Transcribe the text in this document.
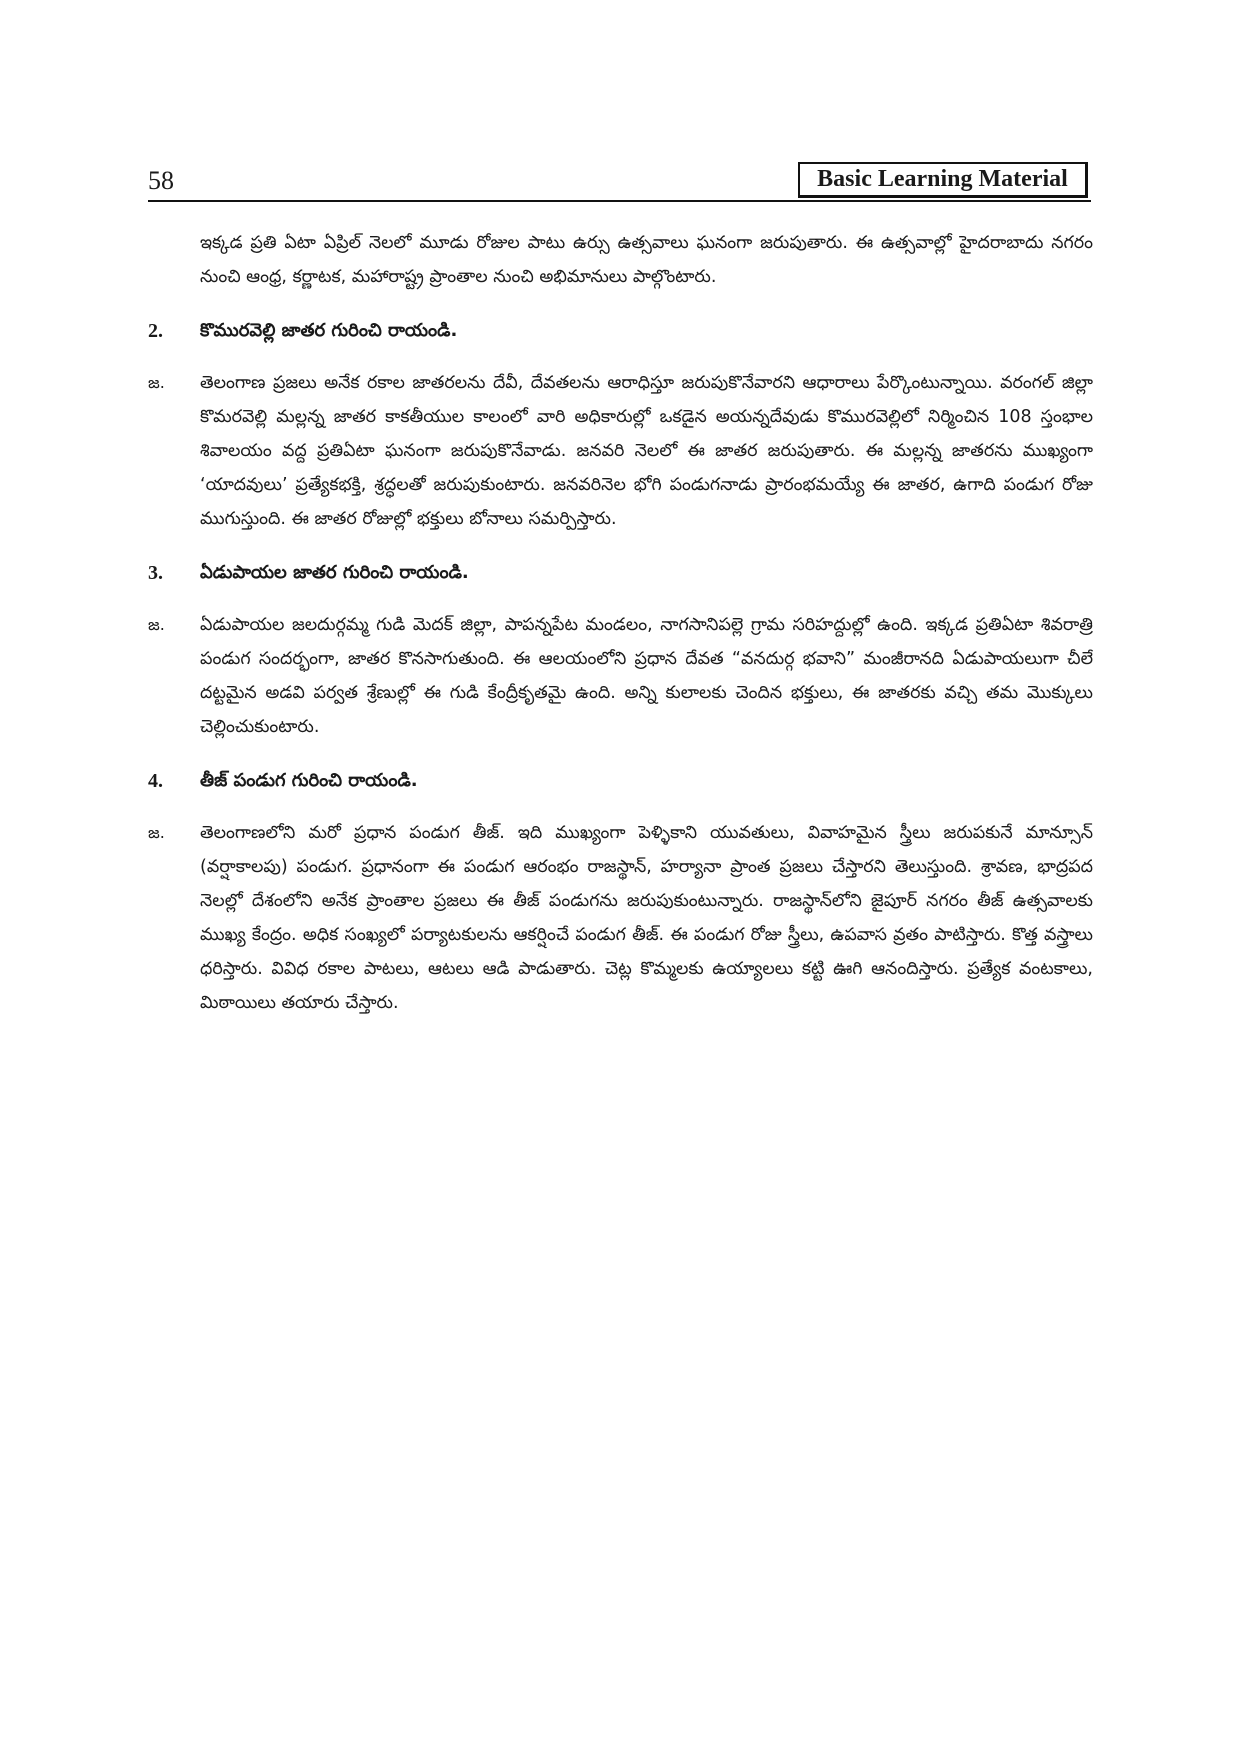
58	Basic Learning Material
ఇక్కడ ప్రతి ఏటా ఏప్రిల్ నెలలో మూడు రోజుల పాటు ఉర్సు ఉత్సవాలు ఘనంగా జరుపుతారు. ఈ ఉత్సవాల్లో హైదరాబాదు నగరం నుంచి ఆంధ్ర, కర్ణాటక, మహారాష్ట్ర ప్రాంతాల నుంచి అభిమానులు పాల్గొంటారు.
2.	కొమురవెల్లి జాతర గురించి రాయండి.
జ.	తెలంగాణ ప్రజలు అనేక రకాల జాతరలను దేవీ, దేవతలను ఆరాధిస్తూ జరుపుకొనేవారని ఆధారాలు పేర్కొంటున్నాయి. వరంగల్ జిల్లా కొమరవెల్లి మల్లన్న జాతర కాకతీయుల కాలంలో వారి అధికారుల్లో ఒకడైన అయన్నదేవుడు కొమురవెల్లిలో నిర్మించిన 108 స్తంభాల శివాలయం వద్ద ప్రతిఏటా ఘనంగా జరుపుకొనేవాడు. జనవరి నెలలో ఈ జాతర జరుపుతారు. ఈ మల్లన్న జాతరను ముఖ్యంగా ‘యాదవులు’ ప్రత్యేకభక్తి, శ్రద్ధలతో జరుపుకుంటారు. జనవరినెల భోగి పండుగనాడు ప్రారంభమయ్యే ఈ జాతర, ఉగాది పండుగ రోజు ముగుస్తుంది. ఈ జాతర రోజుల్లో భక్తులు బోనాలు సమర్పిస్తారు.
3.	ఏడుపాయల జాతర గురించి రాయండి.
జ.	ఏడుపాయల జలదుర్గమ్మ గుడి మెదక్ జిల్లా, పాపన్నపేట మండలం, నాగసానిపల్లె గ్రామ సరిహద్దుల్లో ఉంది. ఇక్కడ ప్రతిఏటా శివరాత్రి పండుగ సందర్భంగా, జాతర కొనసాగుతుంది. ఈ ఆలయంలోని ప్రధాన దేవత “వనదుర్గ భవాని” మంజీరానది ఏడుపాయలుగా చీలే దట్టమైన అడవి పర్వత శ్రేణుల్లో ఈ గుడి కేంద్రీకృతమై ఉంది. అన్ని కులాలకు చెందిన భక్తులు, ఈ జాతరకు వచ్చి తమ మొక్కులు చెల్లించుకుంటారు.
4.	తీజ్ పండుగ గురించి రాయండి.
జ.	తెలంగాణలోని మరో ప్రధాన పండుగ తీజ్. ఇది ముఖ్యంగా పెళ్ళికాని యువతులు, వివాహమైన స్త్రీలు జరుపకునే మాన్సూన్ (వర్షాకాలపు) పండుగ. ప్రధానంగా ఈ పండుగ ఆరంభం రాజస్థాన్, హర్యానా ప్రాంత ప్రజలు చేస్తారని తెలుస్తుంది. శ్రావణ, భాద్రపద నెలల్లో దేశంలోని అనేక ప్రాంతాల ప్రజలు ఈ తీజ్ పండుగను జరుపుకుంటున్నారు. రాజస్థాన్‌లోని జైపూర్ నగరం తీజ్ ఉత్సవాలకు ముఖ్య కేంద్రం. అధిక సంఖ్యలో పర్యాటకులను ఆకర్షించే పండుగ తీజ్. ఈ పండుగ రోజు స్త్రీలు, ఉపవాస వ్రతం పాటిస్తారు. కొత్త వస్త్రాలు ధరిస్తారు. వివిధ రకాల పాటలు, ఆటలు ఆడి పాడుతారు. చెట్ల కొమ్మలకు ఉయ్యాలలు కట్టి ఊగి ఆనందిస్తారు. ప్రత్యేక వంటకాలు, మిఠాయిలు తయారు చేస్తారు.
